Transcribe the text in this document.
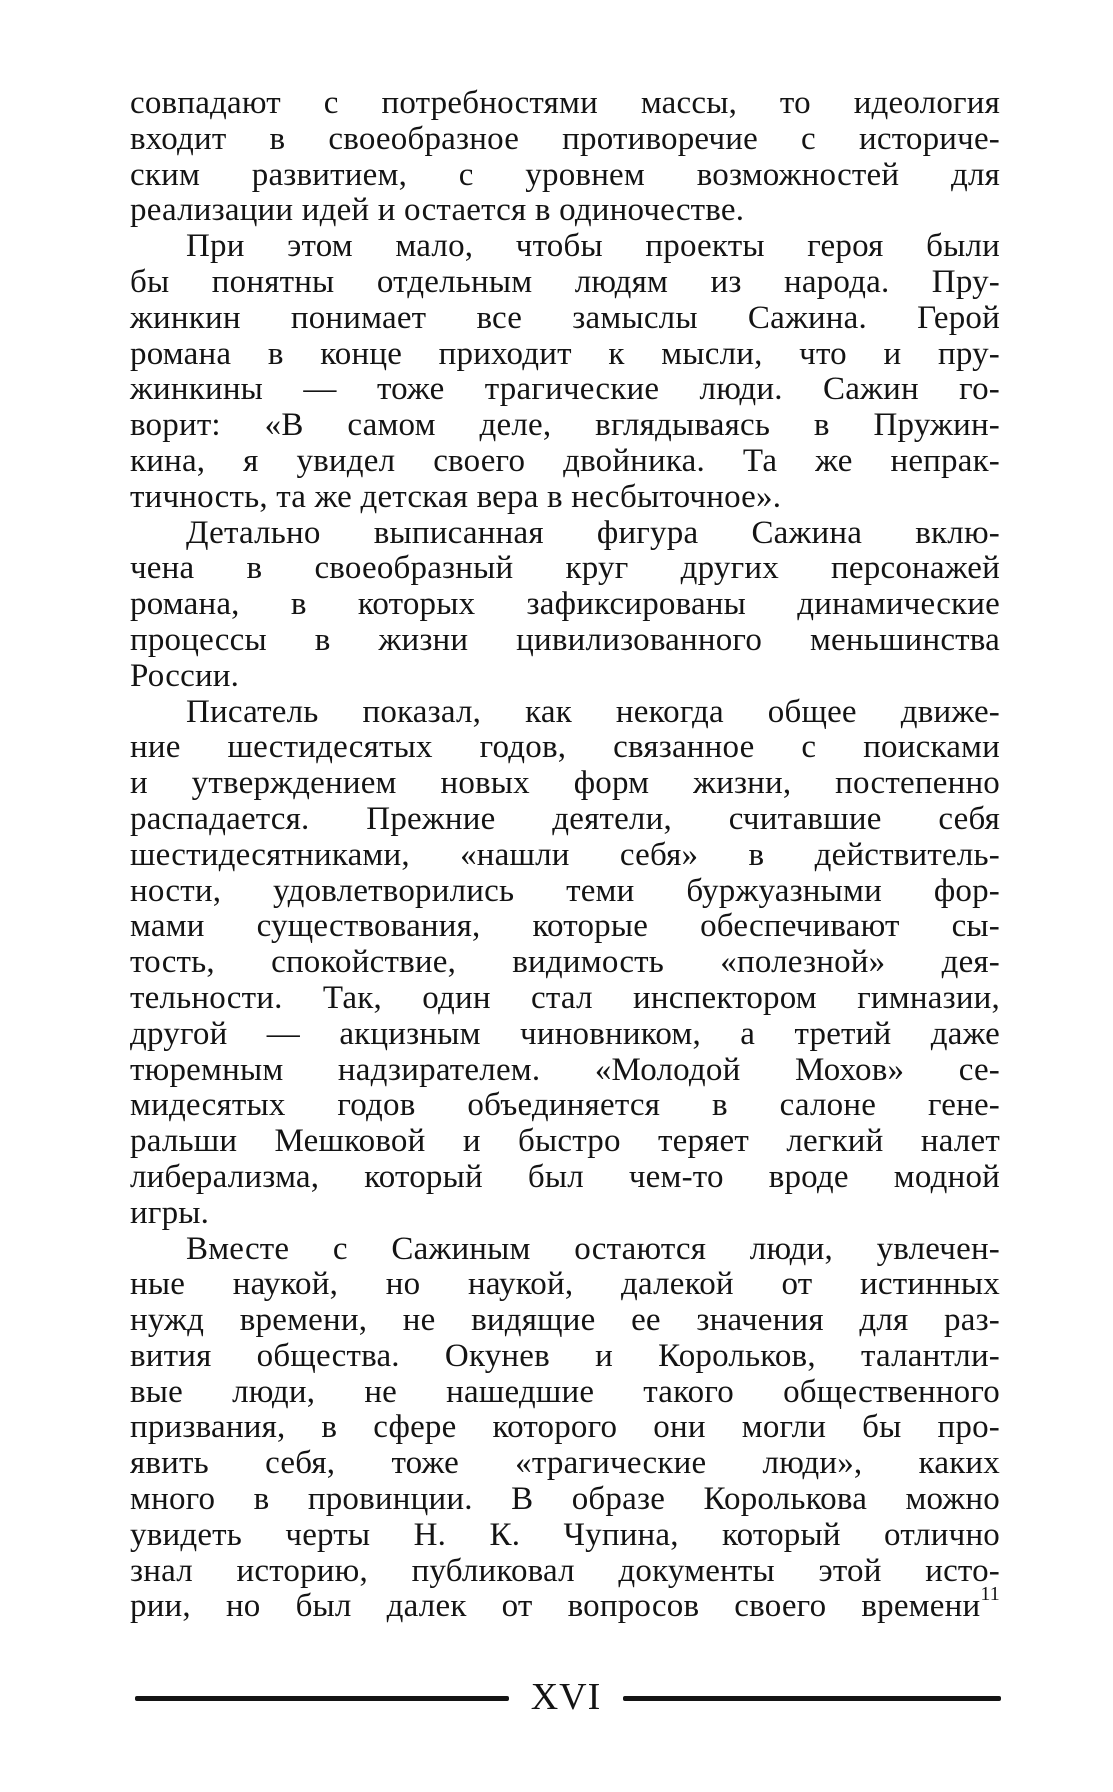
совпадают с потребностями массы, то идеология
входит в своеобразное противоречие с историче-
ским развитием, с уровнем возможностей для
реализации идей и остается в одиночестве.
При этом мало, чтобы проекты героя были
бы понятны отдельным людям из народа. Пру-
жинкин понимает все замыслы Сажина. Герой
романа в конце приходит к мысли, что и пру-
жинкины — тоже трагические люди. Сажин го-
ворит: «В самом деле, вглядываясь в Пружин-
кина, я увидел своего двойника. Та же непрак-
тичность, та же детская вера в несбыточное».
Детально выписанная фигура Сажина вклю-
чена в своеобразный круг других персонажей
романа, в которых зафиксированы динамические
процессы в жизни цивилизованного меньшинства
России.
Писатель показал, как некогда общее движе-
ние шестидесятых годов, связанное с поисками
и утверждением новых форм жизни, постепенно
распадается. Прежние деятели, считавшие себя
шестидесятниками, «нашли себя» в действитель-
ности, удовлетворились теми буржуазными фор-
мами существования, которые обеспечивают сы-
тость, спокойствие, видимость «полезной» дея-
тельности. Так, один стал инспектором гимназии,
другой — акцизным чиновником, а третий даже
тюремным надзирателем. «Молодой Мохов» се-
мидесятых годов объединяется в салоне гене-
ральши Мешковой и быстро теряет легкий налет
либерализма, который был чем-то вроде модной
игры.
Вместе с Сажиным остаются люди, увлечен-
ные наукой, но наукой, далекой от истинных
нужд времени, не видящие ее значения для раз-
вития общества. Окунев и Корольков, талантли-
вые люди, не нашедшие такого общественного
призвания, в сфере которого они могли бы про-
явить себя, тоже «трагические люди», каких
много в провинции. В образе Королькова можно
увидеть черты Н. К. Чупина, который отлично
знал историю, публиковал документы этой исто-
рии, но был далек от вопросов своего времени$^{11}$
XVI
